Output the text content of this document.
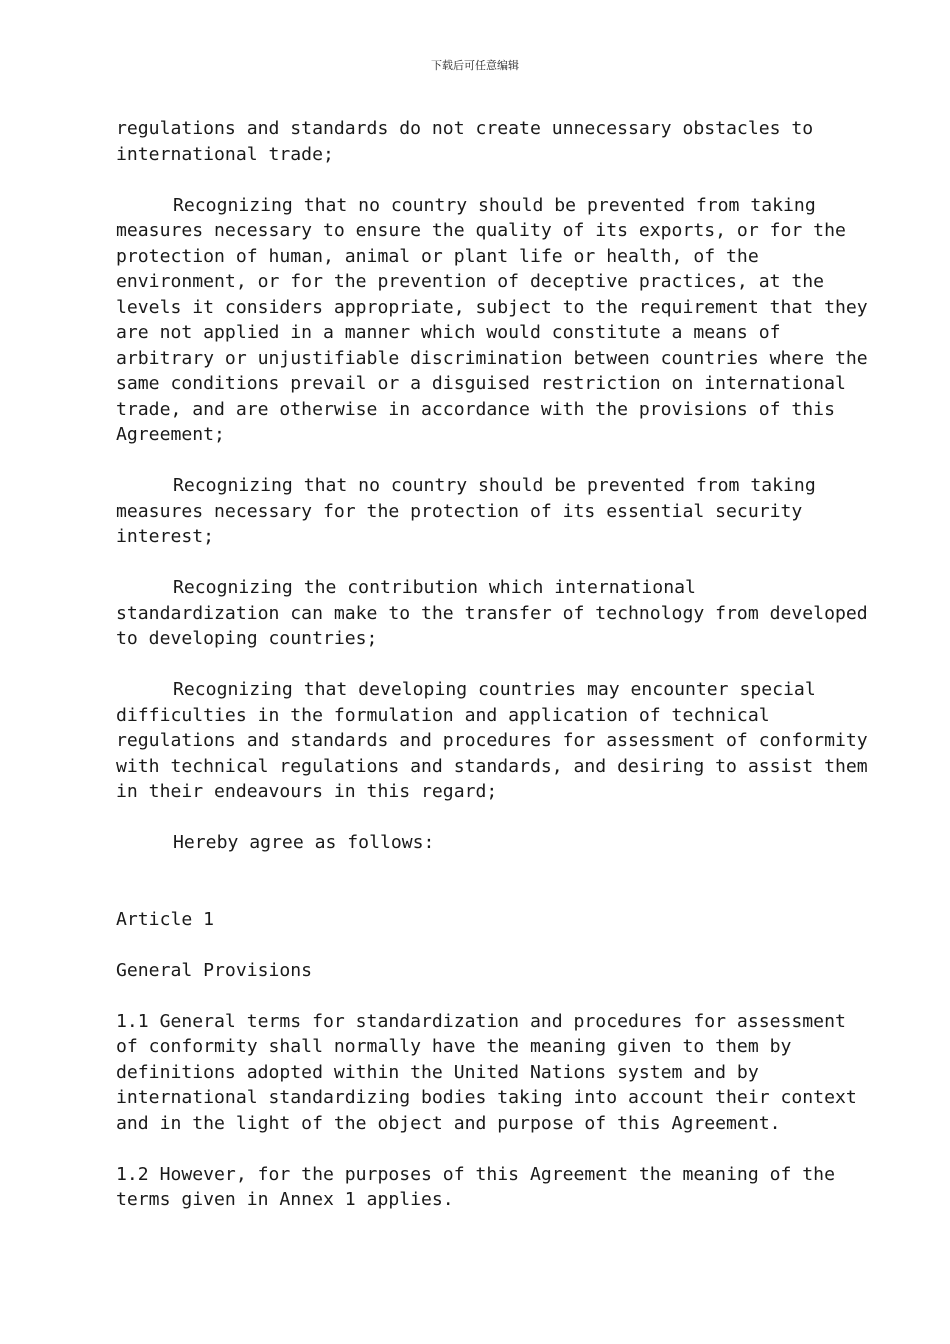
下载后可任意编辑
regulations and standards do not create unnecessary obstacles to
international trade;
Recognizing that no country should be prevented from taking
measures necessary to ensure the quality of its exports, or for the
protection of human, animal or plant life or health, of the
environment, or for the prevention of deceptive practices, at the
levels it considers appropriate, subject to the requirement that they
are not applied in a manner which would constitute a means of
arbitrary or unjustifiable discrimination between countries where the
same conditions prevail or a disguised restriction on international
trade, and are otherwise in accordance with the provisions of this
Agreement;
Recognizing that no country should be prevented from taking
measures necessary for the protection of its essential security
interest;
Recognizing the contribution which international
standardization can make to the transfer of technology from developed
to developing countries;
Recognizing that developing countries may encounter special
difficulties in the formulation and application of technical
regulations and standards and procedures for assessment of conformity
with technical regulations and standards, and desiring to assist them
in their endeavours in this regard;
Hereby agree as follows:
Article 1
General Provisions
1.1 General terms for standardization and procedures for assessment
of conformity shall normally have the meaning given to them by
definitions adopted within the United Nations system and by
international standardizing bodies taking into account their context
and in the light of the object and purpose of this Agreement.
1.2 However, for the purposes of this Agreement the meaning of the
terms given in Annex 1 applies.
